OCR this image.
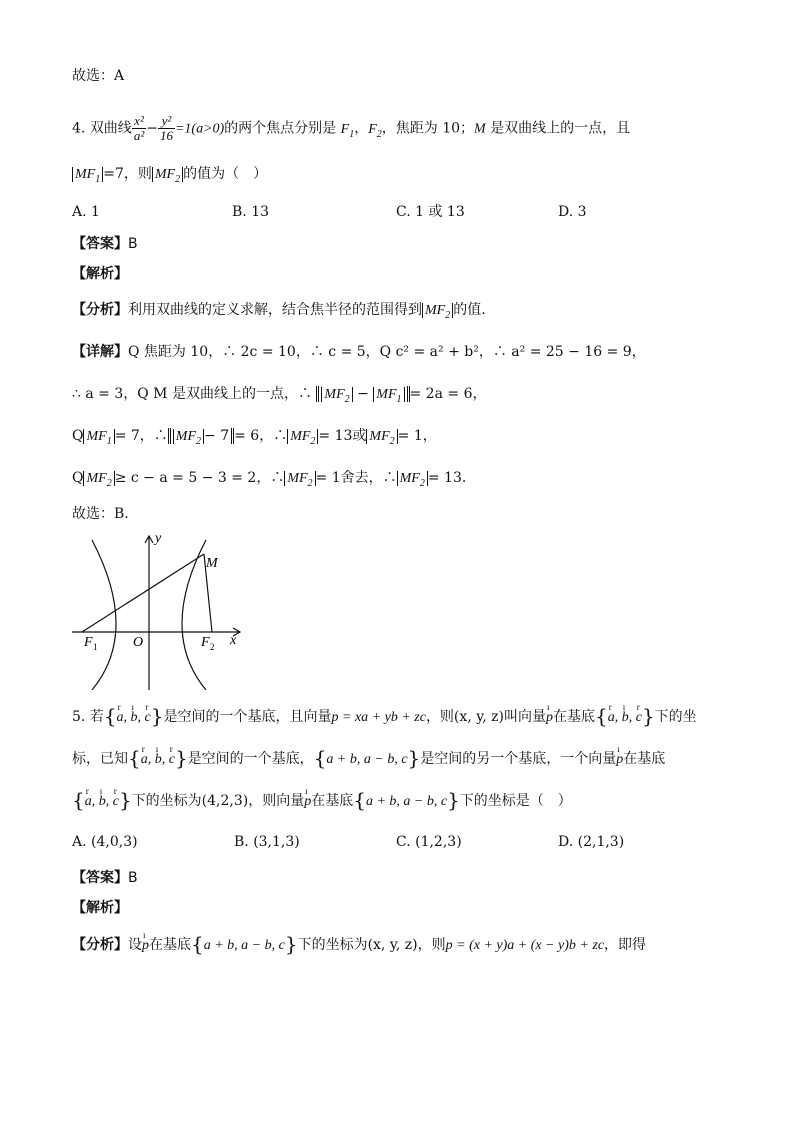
故选：A
4. 双曲线 $\frac{\text{x²}}{\text{a²}} - \frac{\text{y²}}{16} =1(a>0)$的两个焦点分别是 $F_1$，$F_2$，焦距为 10；M 是双曲线上的一点，且
$MF_1 =7$，则 $MF_2$ 的值为（　）
A. 1	B. 13	C. 1 或 13	D. 3
【答案】B
【解析】
【分析】利用双曲线的定义求解，结合焦半径的范围得到 $MF_2$ 的值.
【详解】Q 焦距为 10，∴ 2c = 10，∴ c = 5，Q c² = a² + b²，∴ a² = 25 − 16 = 9，
∴ a = 3，Q M 是双曲线上的一点，∴ $MF_2 - MF_1 = 2a = 6$，
Q $MF_1 = 7$，∴ $MF_2 - 7 = 6$，∴ $MF_2 = 13$或 $MF_2 = 1$，
Q $MF_2 \ge c - a = 5 - 3 = 2$，∴ $MF_2 = 1$舍去，∴ $MF_2 = 13$.
故选：B.
y
x
M
O
F 1	F 2
5. 若{r a, ı b, r c}是空间的一个基底，且向量p = xa + yb + zc，则(x, y, z)叫向量ı p在基底{r a, ı b, r c}下的坐
标，已知{r a, ı b, r c}是空间的一个基底，{a + b, a − b, c}是空间的另一个基底，一个向量ı p在基底
{r a, ı b, r c}下的坐标为(4,2,3)，则向量ı p在基底{a + b, a − b, c}下的坐标是（　）
A. (4,0,3)	B. (3,1,3)	C. (1,2,3)	D. (2,1,3)
【答案】B
【解析】
【分析】设ı p在基底{a + b, a − b, c}下的坐标为(x, y, z)，则p = (x + y)a + (x − y)b + zc，即得
